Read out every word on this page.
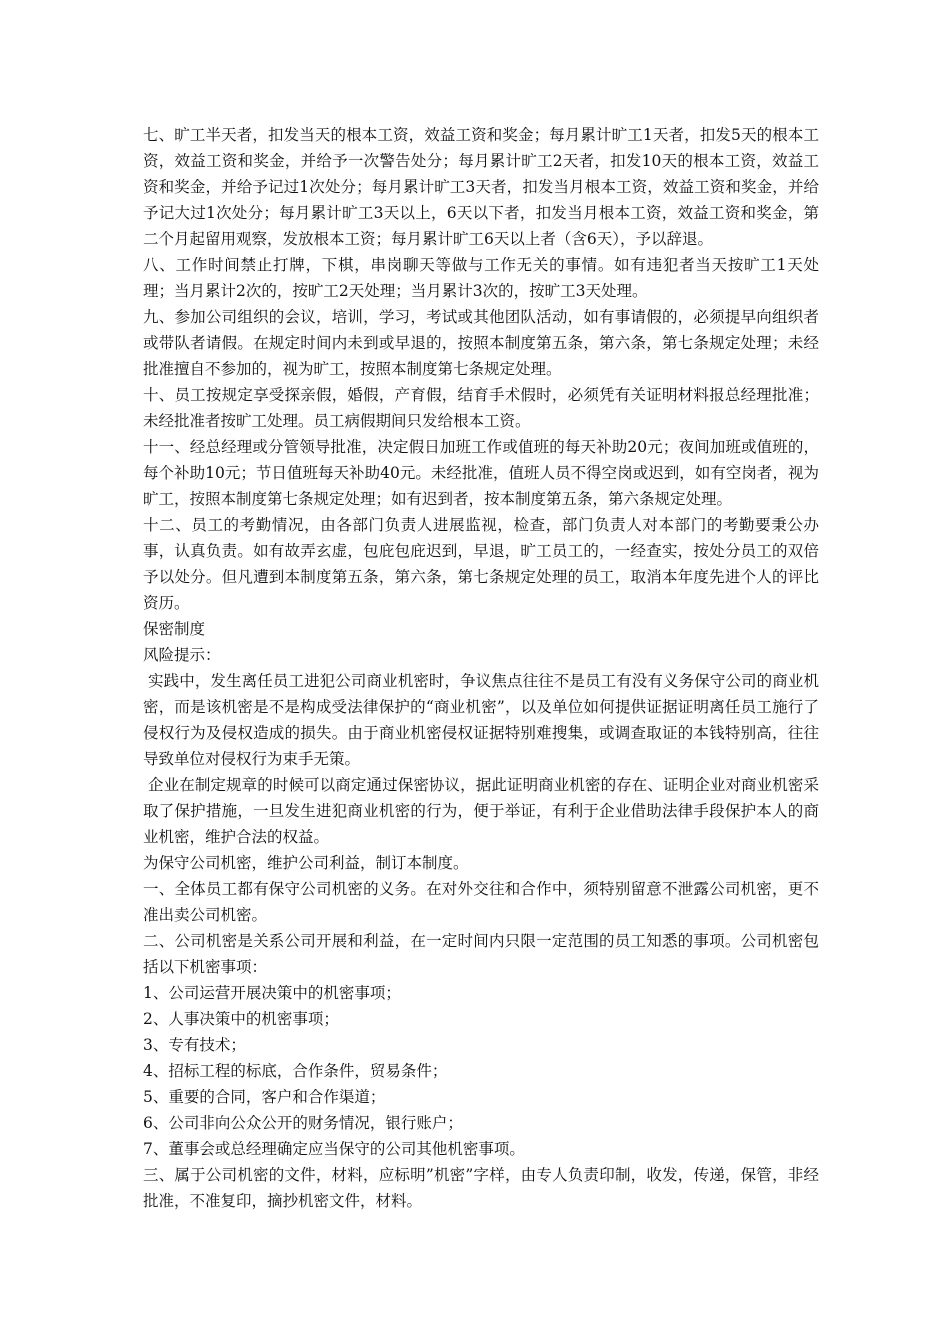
七、旷工半天者，扣发当天的根本工资，效益工资和奖金；每月累计旷工1天者，扣发5天的根本工资，效益工资和奖金，并给予一次警告处分；每月累计旷工2天者，扣发10天的根本工资，效益工资和奖金，并给予记过1次处分；每月累计旷工3天者，扣发当月根本工资，效益工资和奖金，并给予记大过1次处分；每月累计旷工3天以上，6天以下者，扣发当月根本工资，效益工资和奖金，第二个月起留用观察，发放根本工资；每月累计旷工6天以上者（含6天），予以辞退。

八、工作时间禁止打牌，下棋，串岗聊天等做与工作无关的事情。如有违犯者当天按旷工1天处理；当月累计2次的，按旷工2天处理；当月累计3次的，按旷工3天处理。

九、参加公司组织的会议，培训，学习，考试或其他团队活动，如有事请假的，必须提早向组织者或带队者请假。在规定时间内未到或早退的，按照本制度第五条，第六条，第七条规定处理；未经批准擅自不参加的，视为旷工，按照本制度第七条规定处理。

十、员工按规定享受探亲假，婚假，产育假，结育手术假时，必须凭有关证明材料报总经理批准；未经批准者按旷工处理。员工病假期间只发给根本工资。

十一、经总经理或分管领导批准，决定假日加班工作或值班的每天补助20元；夜间加班或值班的，每个补助10元；节日值班每天补助40元。未经批准，值班人员不得空岗或迟到，如有空岗者，视为旷工，按照本制度第七条规定处理；如有迟到者，按本制度第五条，第六条规定处理。

十二、员工的考勤情况，由各部门负责人进展监视，检查，部门负责人对本部门的考勤要秉公办事，认真负责。如有故弄玄虚，包庇包庇迟到，早退，旷工员工的，一经查实，按处分员工的双倍予以处分。但凡遭到本制度第五条，第六条，第七条规定处理的员工，取消本年度先进个人的评比资历。

保密制度

风险提示：

实践中，发生离任员工进犯公司商业机密时，争议焦点往往不是员工有没有义务保守公司的商业机密，而是该机密是不是构成受法律保护的“商业机密”，以及单位如何提供证据证明离任员工施行了侵权行为及侵权造成的损失。由于商业机密侵权证据特别难搜集，或调查取证的本钱特别高，往往导致单位对侵权行为束手无策。

企业在制定规章的时候可以商定通过保密协议，据此证明商业机密的存在、证明企业对商业机密采取了保护措施，一旦发生进犯商业机密的行为，便于举证，有利于企业借助法律手段保护本人的商业机密，维护合法的权益。

为保守公司机密，维护公司利益，制订本制度。

一、全体员工都有保守公司机密的义务。在对外交往和合作中，须特别留意不泄露公司机密，更不准出卖公司机密。

二、公司机密是关系公司开展和利益，在一定时间内只限一定范围的员工知悉的事项。公司机密包括以下机密事项：

1、公司运营开展决策中的机密事项；

2、人事决策中的机密事项；

3、专有技术；

4、招标工程的标底，合作条件，贸易条件；

5、重要的合同，客户和合作渠道；

6、公司非向公众公开的财务情况，银行账户；

7、董事会或总经理确定应当保守的公司其他机密事项。

三、属于公司机密的文件，材料，应标明”机密”字样，由专人负责印制，收发，传递，保管，非经批准，不准复印，摘抄机密文件，材料。
